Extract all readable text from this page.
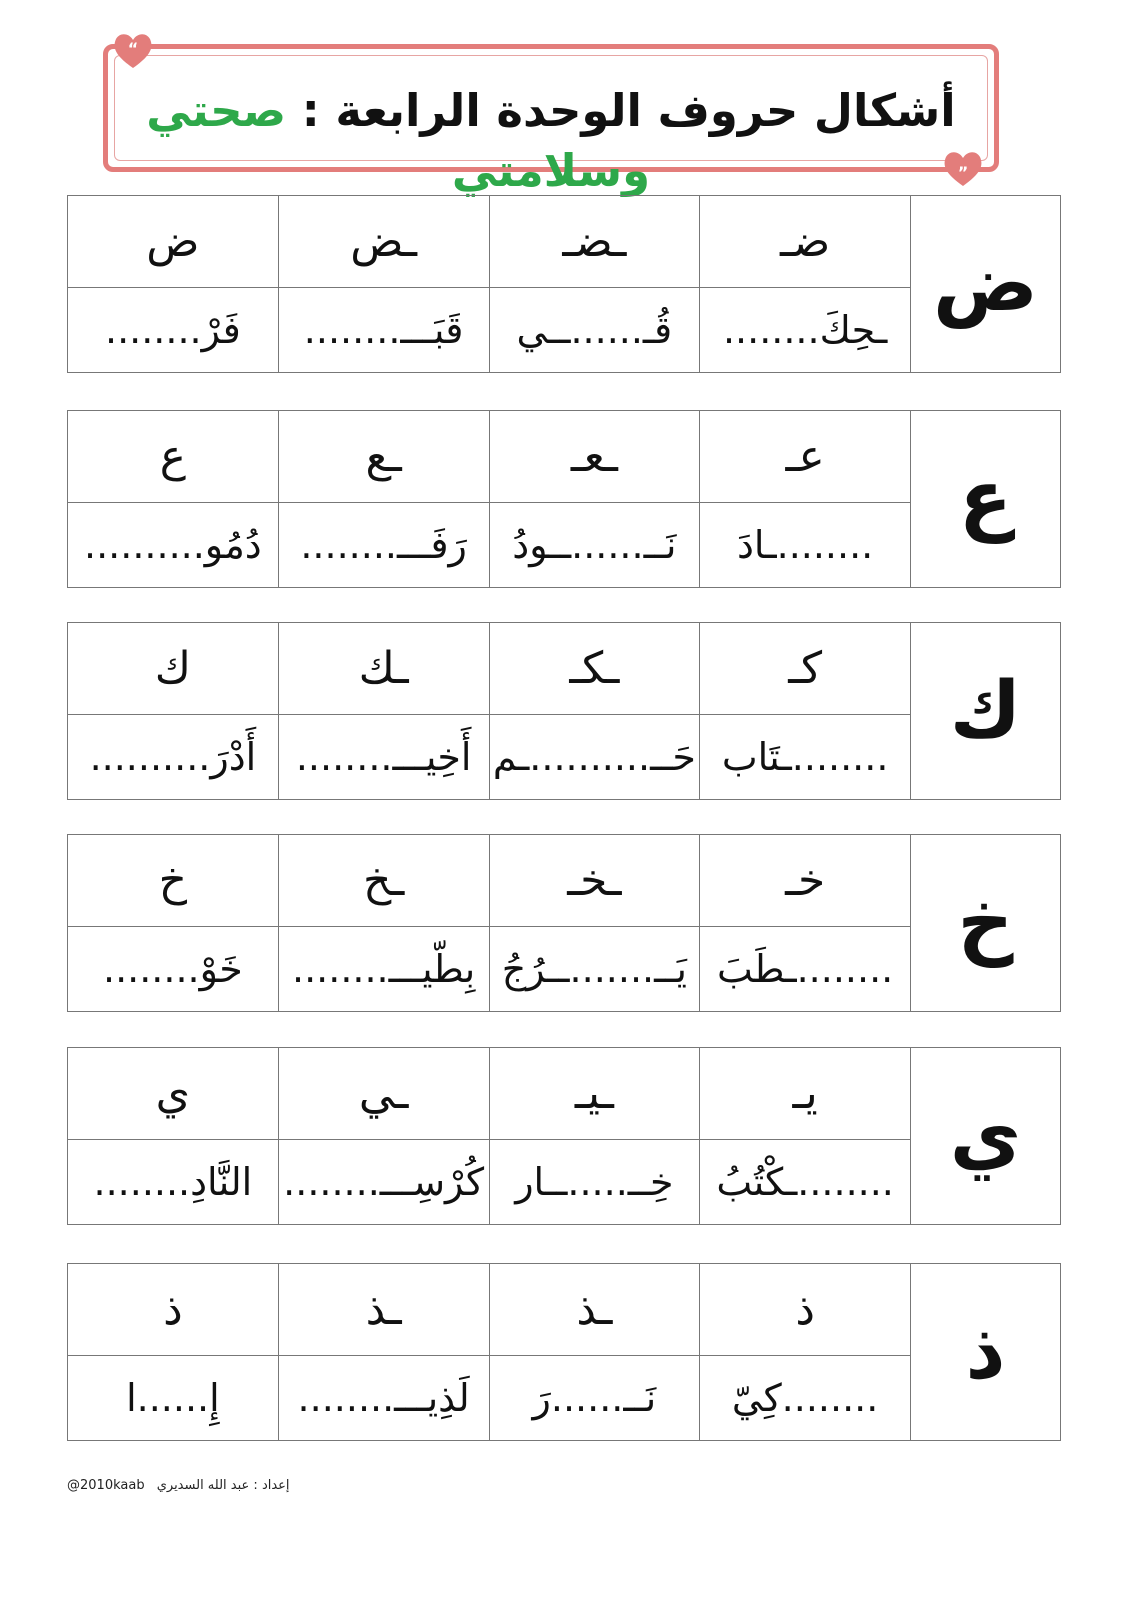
أشكال حروف الوحدة الرابعة : صحتي وسلامتي
“
”
ض	ضـ	ـضـ	ـض	ض
	ـحِكَ........	قُـ......ــي	قَبَـــ........	فَرْ........
ع	عـ	ـعـ	ـع	ع
	........ـادَ	نَــ......ــودُ	رَفَـــ........	دُمُو..........
ك	كـ	ـكـ	ـك	ك
	........ـتَاب	حَــ..........ـم	أَخِيـــ........	أَدْرَ..........
خ	خـ	ـخـ	ـخ	خ
	........ـطَبَ	يَــ.......ــرُجُ	بِطّيـــ........	خَوْ........
ي	يـ	ـيـ	ـي	ي
	........ـكْتُبُ	خِــ.....ــار	كُرْسِـــ........	النَّادِ........
ذ	ذ	ـذ	ـذ	ذ
	........كِيّ	نَــ......رَ	لَذِيـــ........	إِ......ا
@2010kaab إعداد : عبد الله السديري
